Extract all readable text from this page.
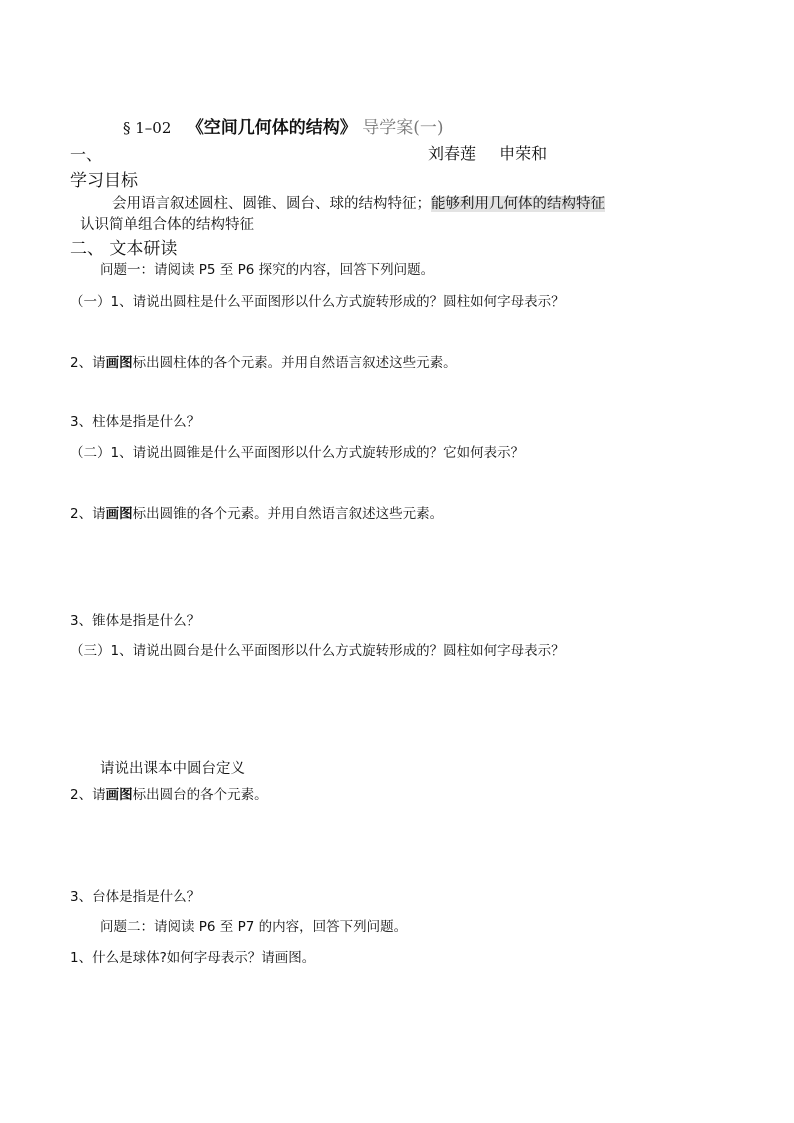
§ 1–02 《空间几何体的结构》 导学案(一)
刘春莲 申荣和
一、
学习目标
会用语言叙述圆柱、圆锥、圆台、球的结构特征；能够利用几何体的结构特征
认识简单组合体的结构特征
二、 文本研读
问题一：请阅读 P5 至 P6 探究的内容，回答下列问题。
（一）1、请说出圆柱是什么平面图形以什么方式旋转形成的？圆柱如何字母表示？
2、请画图标出圆柱体的各个元素。并用自然语言叙述这些元素。
3、柱体是指是什么？
（二）1、请说出圆锥是什么平面图形以什么方式旋转形成的？它如何表示？
2、请画图标出圆锥的各个元素。并用自然语言叙述这些元素。
3、锥体是指是什么？
（三）1、请说出圆台是什么平面图形以什么方式旋转形成的？圆柱如何字母表示？
请说出课本中圆台定义
2、请画图标出圆台的各个元素。
3、台体是指是什么？
问题二：请阅读 P6 至 P7 的内容，回答下列问题。
1、什么是球体?如何字母表示？请画图。
